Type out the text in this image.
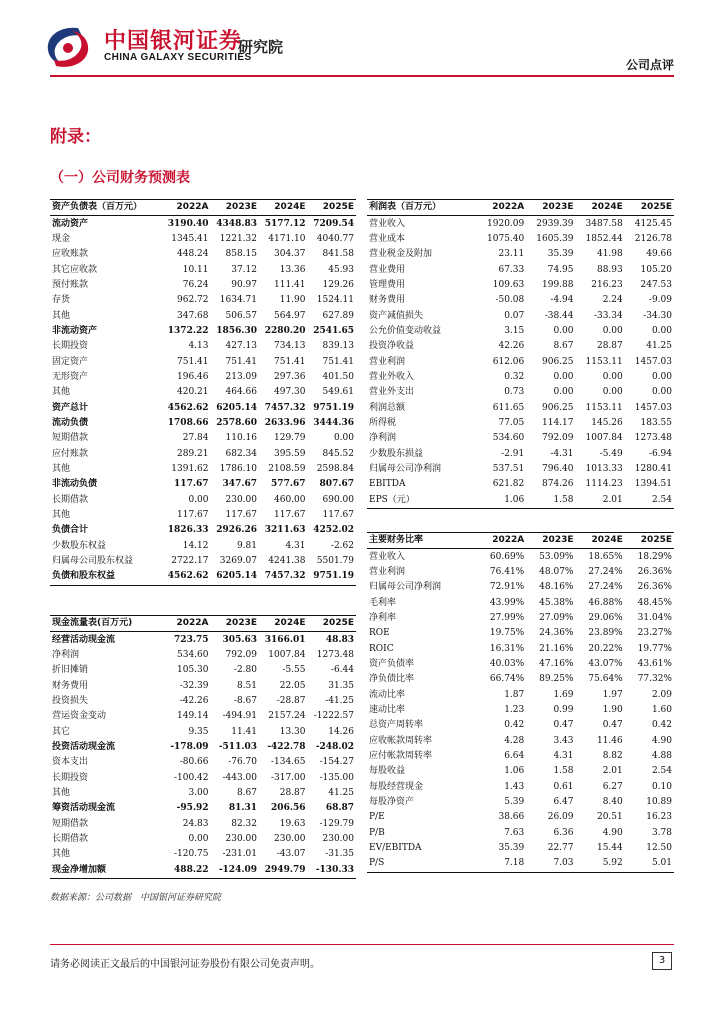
中国银河证券
CHINA GALAXY SECURITIES
研究院
公司点评
附录：
（一）公司财务预测表
资产负债表（百万元）	2022A	2023E	2024E	2025E
流动资产	3190.40	4348.83	5177.12	7209.54
现金	1345.41	1221.32	4171.10	4040.77
应收账款	448.24	858.15	304.37	841.58
其它应收款	10.11	37.12	13.36	45.93
预付账款	76.24	90.97	111.41	129.26
存货	962.72	1634.71	11.90	1524.11
其他	347.68	506.57	564.97	627.89
非流动资产	1372.22	1856.30	2280.20	2541.65
长期投资	4.13	427.13	734.13	839.13
固定资产	751.41	751.41	751.41	751.41
无形资产	196.46	213.09	297.36	401.50
其他	420.21	464.66	497.30	549.61
资产总计	4562.62	6205.14	7457.32	9751.19
流动负债	1708.66	2578.60	2633.96	3444.36
短期借款	27.84	110.16	129.79	0.00
应付账款	289.21	682.34	395.59	845.52
其他	1391.62	1786.10	2108.59	2598.84
非流动负债	117.67	347.67	577.67	807.67
长期借款	0.00	230.00	460.00	690.00
其他	117.67	117.67	117.67	117.67
负债合计	1826.33	2926.26	3211.63	4252.02
少数股东权益	14.12	9.81	4.31	-2.62
归属母公司股东权益	2722.17	3269.07	4241.38	5501.79
负债和股东权益	4562.62	6205.14	7457.32	9751.19
利润表（百万元）	2022A	2023E	2024E	2025E
营业收入	1920.09	2939.39	3487.58	4125.45
营业成本	1075.40	1605.39	1852.44	2126.78
营业税金及附加	23.11	35.39	41.98	49.66
营业费用	67.33	74.95	88.93	105.20
管理费用	109.63	199.88	216.23	247.53
财务费用	-50.08	-4.94	2.24	-9.09
资产减值损失	0.07	-38.44	-33.34	-34.30
公允价值变动收益	3.15	0.00	0.00	0.00
投资净收益	42.26	8.67	28.87	41.25
营业利润	612.06	906.25	1153.11	1457.03
营业外收入	0.32	0.00	0.00	0.00
营业外支出	0.73	0.00	0.00	0.00
利润总额	611.65	906.25	1153.11	1457.03
所得税	77.05	114.17	145.26	183.55
净利润	534.60	792.09	1007.84	1273.48
少数股东损益	-2.91	-4.31	-5.49	-6.94
归属母公司净利润	537.51	796.40	1013.33	1280.41
EBITDA	621.82	874.26	1114.23	1394.51
EPS（元）	1.06	1.58	2.01	2.54
现金流量表(百万元)	2022A	2023E	2024E	2025E
经营活动现金流	723.75	305.63	3166.01	48.83
净利润	534.60	792.09	1007.84	1273.48
折旧摊销	105.30	-2.80	-5.55	-6.44
财务费用	-32.39	8.51	22.05	31.35
投资损失	-42.26	-8.67	-28.87	-41.25
营运资金变动	149.14	-494.91	2157.24	-1222.57
其它	9.35	11.41	13.30	14.26
投资活动现金流	-178.09	-511.03	-422.78	-248.02
资本支出	-80.66	-76.70	-134.65	-154.27
长期投资	-100.42	-443.00	-317.00	-135.00
其他	3.00	8.67	28.87	41.25
筹资活动现金流	-95.92	81.31	206.56	68.87
短期借款	24.83	82.32	19.63	-129.79
长期借款	0.00	230.00	230.00	230.00
其他	-120.75	-231.01	-43.07	-31.35
现金净增加额	488.22	-124.09	2949.79	-130.33
主要财务比率	2022A	2023E	2024E	2025E
营业收入	60.69%	53.09%	18.65%	18.29%
营业利润	76.41%	48.07%	27.24%	26.36%
归属母公司净利润	72.91%	48.16%	27.24%	26.36%
毛利率	43.99%	45.38%	46.88%	48.45%
净利率	27.99%	27.09%	29.06%	31.04%
ROE	19.75%	24.36%	23.89%	23.27%
ROIC	16.31%	21.16%	20.22%	19.77%
资产负债率	40.03%	47.16%	43.07%	43.61%
净负债比率	66.74%	89.25%	75.64%	77.32%
流动比率	1.87	1.69	1.97	2.09
速动比率	1.23	0.99	1.90	1.60
总资产周转率	0.42	0.47	0.47	0.42
应收帐款周转率	4.28	3.43	11.46	4.90
应付帐款周转率	6.64	4.31	8.82	4.88
每股收益	1.06	1.58	2.01	2.54
每股经营现金	1.43	0.61	6.27	0.10
每股净资产	5.39	6.47	8.40	10.89
P/E	38.66	26.09	20.51	16.23
P/B	7.63	6.36	4.90	3.78
EV/EBITDA	35.39	22.77	15.44	12.50
P/S	7.18	7.03	5.92	5.01
数据来源：公司数据　中国银河证券研究院
请务必阅读正文最后的中国银河证券股份有限公司免责声明。	3
